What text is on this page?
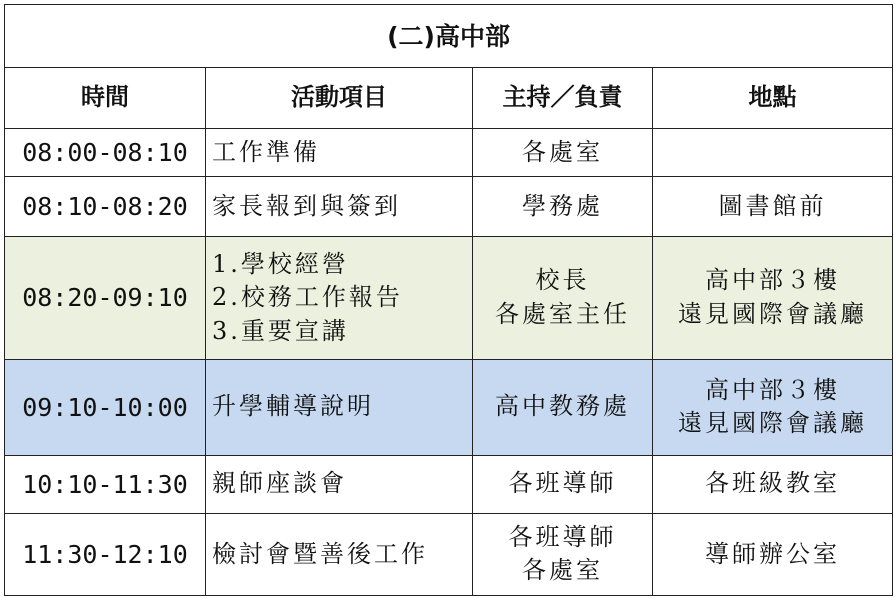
(二)高中部			
時間	活動項目	主持／負責	地點
08:00-08:10	工作準備	各處室	

08:10-08:20	家長報到與簽到	學務處	圖書館前

08:20-09:10	1.學校經營
2.校務工作報告
3.重要宣講	校長
各處室主任	高中部３樓
遠見國際會議廳

09:10-10:00	升學輔導說明	高中教務處	高中部３樓
遠見國際會議廳

10:10-11:30	親師座談會	各班導師	各班級教室

11:30-12:10	檢討會暨善後工作	各班導師
各處室	導師辦公室
